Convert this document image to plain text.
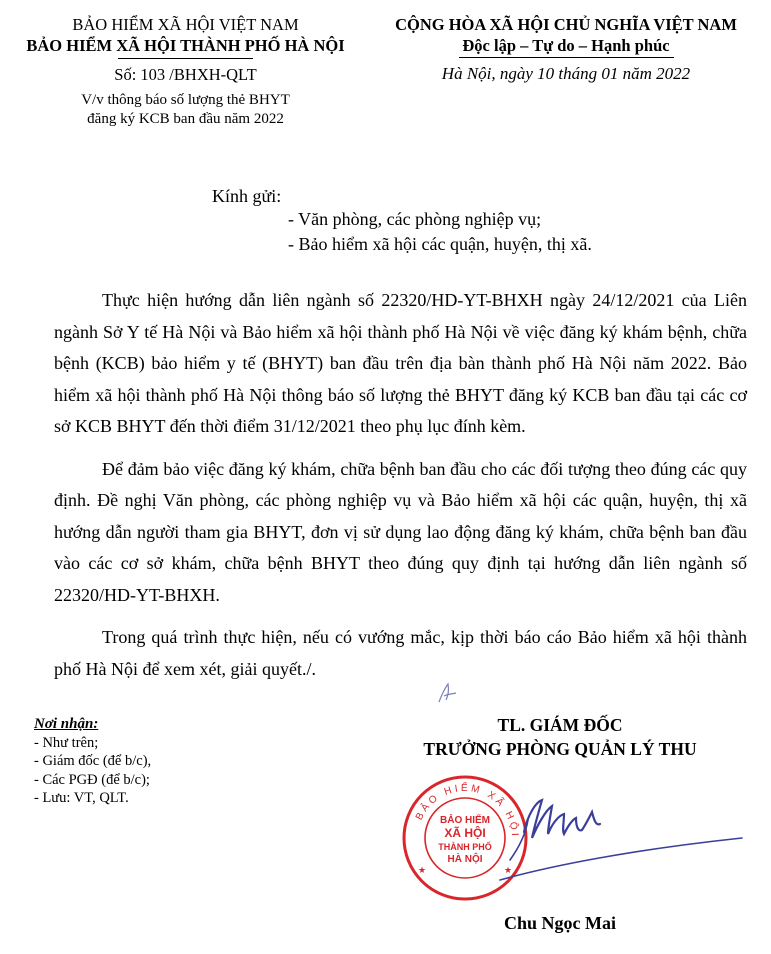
BẢO HIỂM XÃ HỘI VIỆT NAM
BẢO HIỂM XÃ HỘI THÀNH PHỐ HÀ NỘI
Số: 103 /BHXH-QLT
V/v thông báo số lượng thẻ BHYT
đăng ký KCB ban đầu năm 2022
CỘNG HÒA XÃ HỘI CHỦ NGHĨA VIỆT NAM
Độc lập – Tự do – Hạnh phúc
Hà Nội, ngày 10 tháng 01 năm 2022
Kính gửi:
- Văn phòng, các phòng nghiệp vụ;
- Bảo hiểm xã hội các quận, huyện, thị xã.

Thực hiện hướng dẫn liên ngành số 22320/HD-YT-BHXH ngày 24/12/2021 của Liên ngành Sở Y tế Hà Nội và Bảo hiểm xã hội thành phố Hà Nội về việc đăng ký khám bệnh, chữa bệnh (KCB) bảo hiểm y tế (BHYT) ban đầu trên địa bàn thành phố Hà Nội năm 2022. Bảo hiểm xã hội thành phố Hà Nội thông báo số lượng thẻ BHYT đăng ký KCB ban đầu tại các cơ sở KCB BHYT đến thời điểm 31/12/2021 theo phụ lục đính kèm.

Để đảm bảo việc đăng ký khám, chữa bệnh ban đầu cho các đối tượng theo đúng các quy định. Đề nghị Văn phòng, các phòng nghiệp vụ và Bảo hiểm xã hội các quận, huyện, thị xã hướng dẫn người tham gia BHYT, đơn vị sử dụng lao động đăng ký khám, chữa bệnh ban đầu vào các cơ sở khám, chữa bệnh BHYT theo đúng quy định tại hướng dẫn liên ngành số 22320/HD-YT-BHXH.

Trong quá trình thực hiện, nếu có vướng mắc, kịp thời báo cáo Bảo hiểm xã hội thành phố Hà Nội để xem xét, giải quyết./.

Nơi nhận:
- Như trên;
- Giám đốc (để b/c),
- Các PGĐ (để b/c);
- Lưu: VT, QLT.
TL. GIÁM ĐỐC
TRƯỞNG PHÒNG QUẢN LÝ THU
Chu Ngọc Mai
BẢO HIỂM XÃ HỘI
★	★
BẢO HIỂM
XÃ HỘI
THÀNH PHỐ
HÀ NỘI
